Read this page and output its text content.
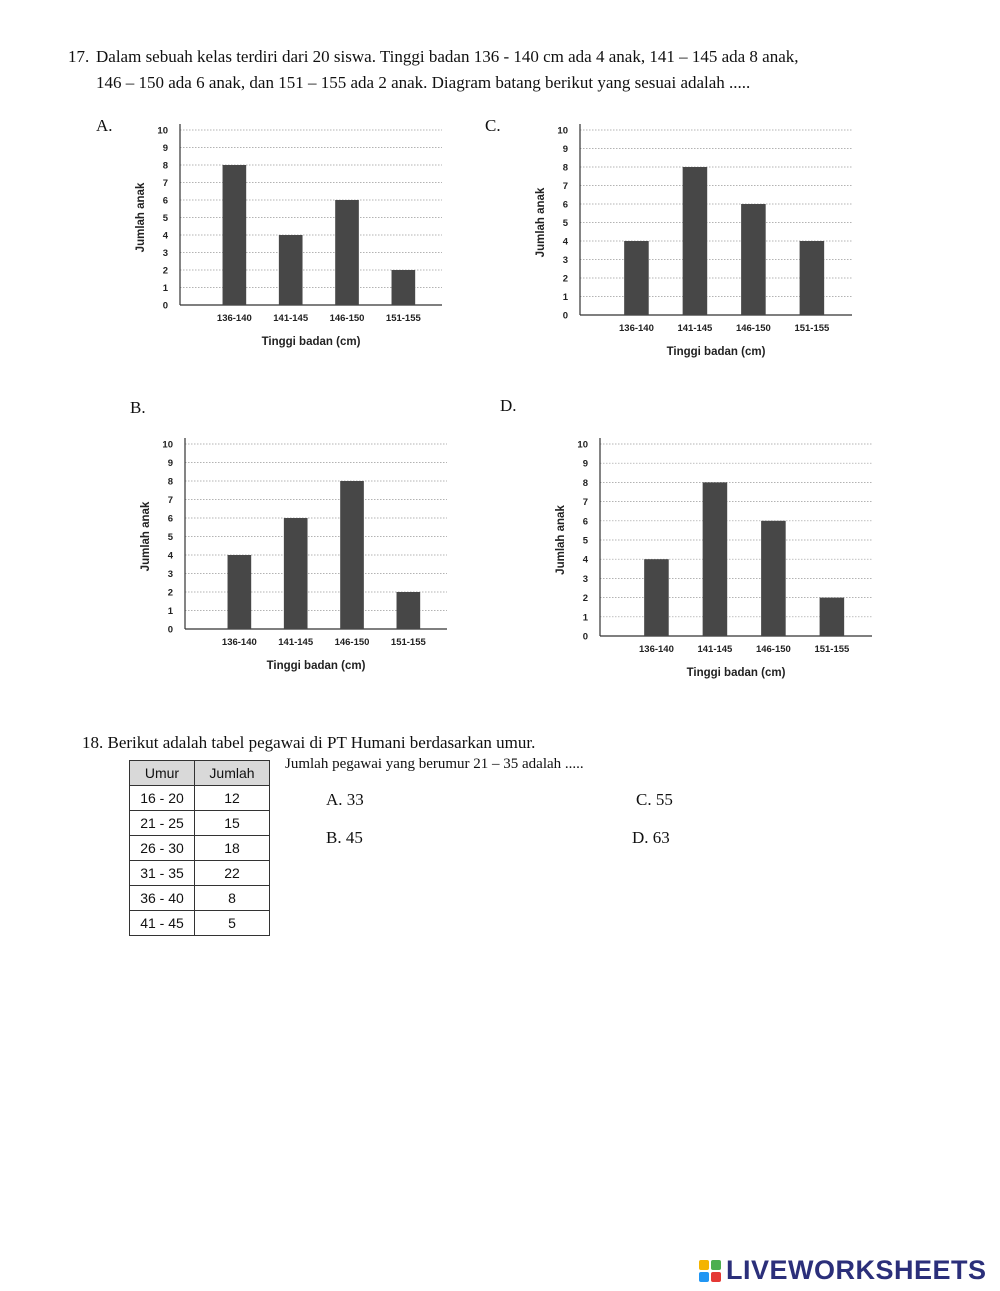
17. Dalam sebuah kelas terdiri dari 20 siswa. Tinggi badan 136 - 140 cm ada 4 anak, 141 – 145 ada 8 anak,
146 – 150 ada 6 anak, dan 151 – 155 ada 2 anak. Diagram batang berikut yang sesuai adalah .....
A.	C.
B.	D.
0
1
2
3
4
5
6
7
8
9
10
136-140 141-145 146-150 151-155
Tinggi badan (cm)
Jumlah anak
0
1
2
3
4
5
6
7
8
9
10
136-140 141-145 146-150 151-155
Tinggi badan (cm)
Jumlah anak
0
1
2
3
4
5
6
7
8
9
10
136-140 141-145 146-150 151-155
Tinggi badan (cm)
Jumlah anak
0
1
2
3
4
5
6
7
8
9
10
136-140 141-145 146-150 151-155
Tinggi badan (cm)
Jumlah anak
18. Berikut adalah tabel pegawai di PT Humani berdasarkan umur.
Umur	Jumlah
16 - 20	12
21 - 25	15
26 - 30	18
31 - 35	22
36 - 40	8
41 - 45	5
Jumlah pegawai yang berumur 21 – 35 adalah .....
A. 33
B. 45
C. 55
D. 63
LIVEWORKSHEETS
